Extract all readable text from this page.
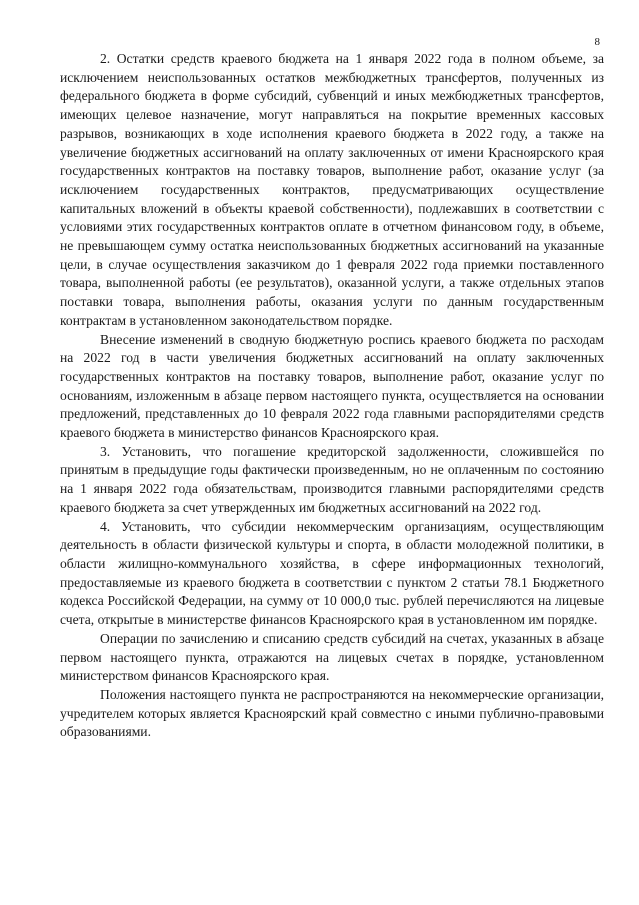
8

2. Остатки средств краевого бюджета на 1 января 2022 года в полном объеме, за исключением неиспользованных остатков межбюджетных трансфертов, полученных из федерального бюджета в форме субсидий, субвенций и иных межбюджетных трансфертов, имеющих целевое назначение, могут направляться на покрытие временных кассовых разрывов, возникающих в ходе исполнения краевого бюджета в 2022 году, а также на увеличение бюджетных ассигнований на оплату заключенных от имени Красноярского края государственных контрактов на поставку товаров, выполнение работ, оказание услуг (за исключением государственных контрактов, предусматривающих осуществление капитальных вложений в объекты краевой собственности), подлежавших в соответствии с условиями этих государственных контрактов оплате в отчетном финансовом году, в объеме, не превышающем сумму остатка неиспользованных бюджетных ассигнований на указанные цели, в случае осуществления заказчиком до 1 февраля 2022 года приемки поставленного товара, выполненной работы (ее результатов), оказанной услуги, а также отдельных этапов поставки товара, выполнения работы, оказания услуги по данным государственным контрактам в установленном законодательством порядке.

Внесение изменений в сводную бюджетную роспись краевого бюджета по расходам на 2022 год в части увеличения бюджетных ассигнований на оплату заключенных государственных контрактов на поставку товаров, выполнение работ, оказание услуг по основаниям, изложенным в абзаце первом настоящего пункта, осуществляется на основании предложений, представленных до 10 февраля 2022 года главными распорядителями средств краевого бюджета в министерство финансов Красноярского края.

3. Установить, что погашение кредиторской задолженности, сложившейся по принятым в предыдущие годы фактически произведенным, но не оплаченным по состоянию на 1 января 2022 года обязательствам, производится главными распорядителями средств краевого бюджета за счет утвержденных им бюджетных ассигнований на 2022 год.

4. Установить, что субсидии некоммерческим организациям, осуществляющим деятельность в области физической культуры и спорта, в области молодежной политики, в области жилищно-коммунального хозяйства, в сфере информационных технологий, предоставляемые из краевого бюджета в соответствии с пунктом 2 статьи 78.1 Бюджетного кодекса Российской Федерации, на сумму от 10 000,0 тыс. рублей перечисляются на лицевые счета, открытые в министерстве финансов Красноярского края в установленном им порядке.

Операции по зачислению и списанию средств субсидий на счетах, указанных в абзаце первом настоящего пункта, отражаются на лицевых счетах в порядке, установленном министерством финансов Красноярского края.

Положения настоящего пункта не распространяются на некоммерческие организации, учредителем которых является Красноярский край совместно с иными публично-правовыми образованиями.
